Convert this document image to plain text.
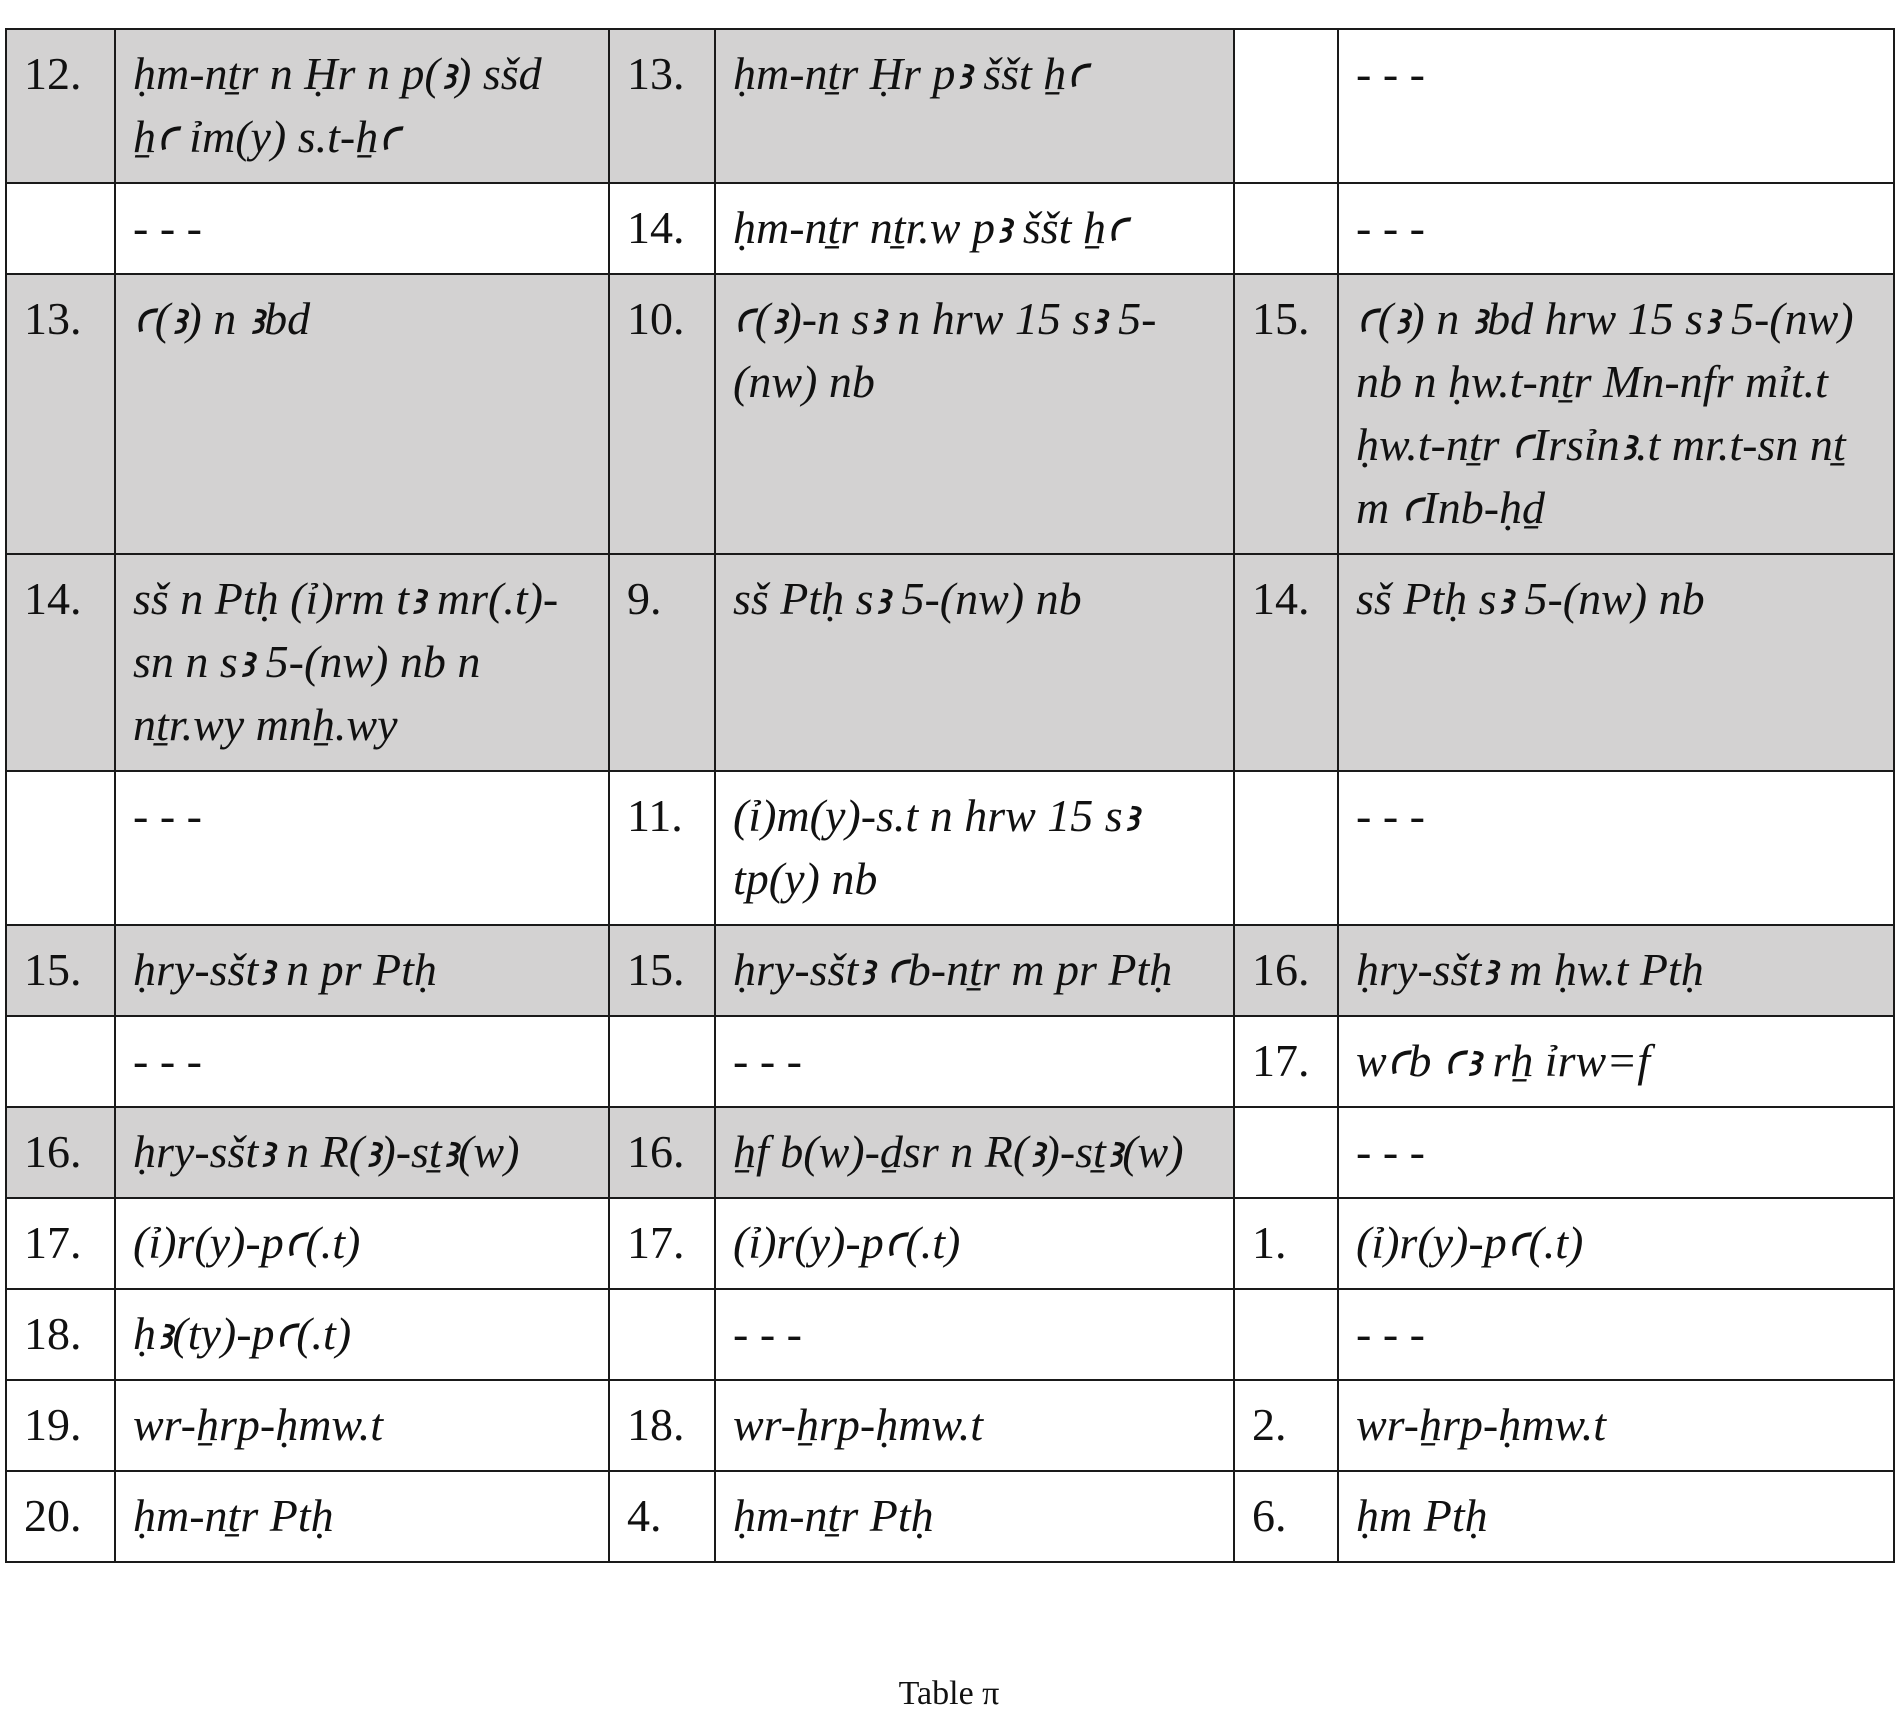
12.	ḥm-nṯr n Ḥr n p(ꜣ) sšd ẖꜥ ỉm(y) s.t-ẖꜥ	13.	ḥm-nṯr Ḥr pꜣ ššt ẖꜥ		- - -
	- - -	14.	ḥm-nṯr nṯr.w pꜣ ššt ẖꜥ		- - -
13.	ꜥ(ꜣ) n ꜣbd	10.	ꜥ(ꜣ)-n sꜣ n hrw 15 sꜣ 5-(nw) nb	15.	ꜥ(ꜣ) n ꜣbd hrw 15 sꜣ 5-(nw) nb n ḥw.t-nṯr Mn-nfr mỉt.t ḥw.t-nṯr ꜥIrsỉnꜣ.t mr.t-sn nṯ m ꜥInb-ḥḏ
14.	sš n Ptḥ (ỉ)rm tꜣ mr(.t)-sn n sꜣ 5-(nw) nb n nṯr.wy mnẖ.wy	9.	sš Ptḥ sꜣ 5-(nw) nb	14.	sš Ptḥ sꜣ 5-(nw) nb
	- - -	11.	(ỉ)m(y)-s.t n hrw 15 sꜣ tp(y) nb		- - -
15.	ḥry-sštꜣ n pr Ptḥ	15.	ḥry-sštꜣ ꜥb-nṯr m pr Ptḥ	16.	ḥry-sštꜣ m ḥw.t Ptḥ
	- - -		- - -	17.	wꜥb ꜥꜣ rẖ ỉrw=f
16.	ḥry-sštꜣ n R(ꜣ)-sṯꜣ(w)	16.	ẖf b(w)-ḏsr n R(ꜣ)-sṯꜣ(w)		- - -
17.	(ỉ)r(y)-pꜥ(.t)	17.	(ỉ)r(y)-pꜥ(.t)	1.	(ỉ)r(y)-pꜥ(.t)
18.	ḥꜣ(ty)-pꜥ(.t)		- - -		- - -
19.	wr-ẖrp-ḥmw.t	18.	wr-ẖrp-ḥmw.t	2.	wr-ẖrp-ḥmw.t
20.	ḥm-nṯr Ptḥ	4.	ḥm-nṯr Ptḥ	6.	ḥm Ptḥ
Table π
